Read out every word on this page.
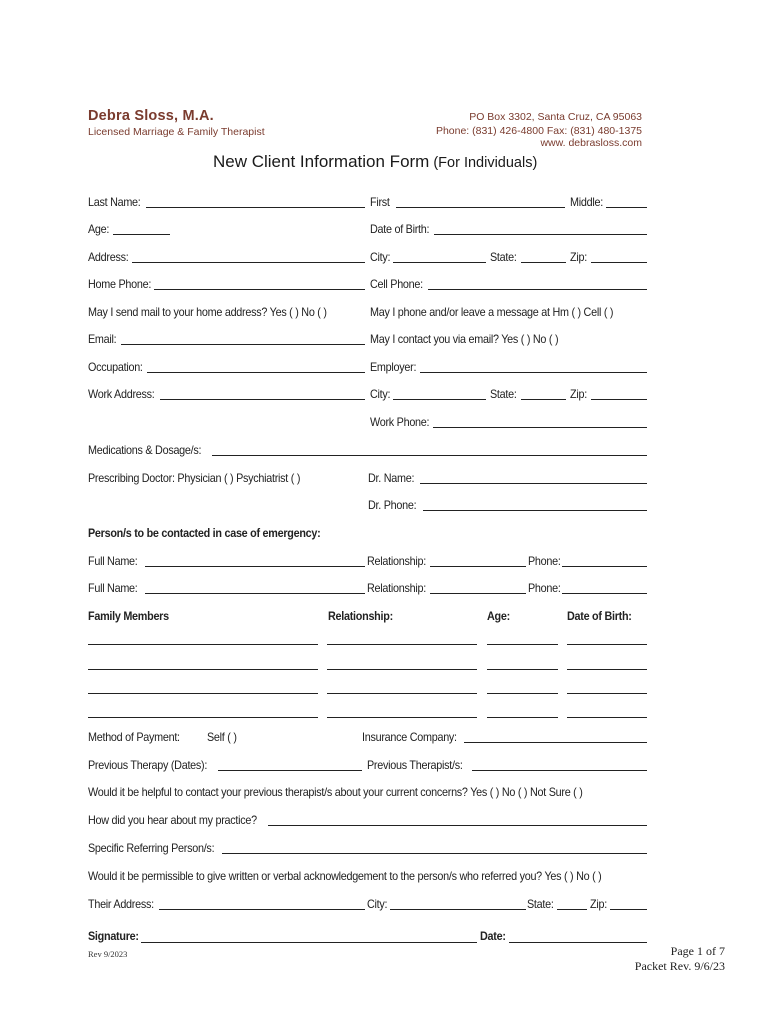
Debra Sloss, M.A.
Licensed Marriage & Family Therapist
PO Box 3302, Santa Cruz, CA 95063
Phone: (831) 426-4800 Fax: (831) 480-1375
www. debrasloss.com
New Client Information Form (For Individuals)
Last Name:	First	Middle:
Age:	Date of Birth:
Address:	City:	State:	Zip:
Home Phone:	Cell Phone:
May I send mail to your home address? Yes ( ) No ( )	May I phone and/or leave a message at Hm ( ) Cell ( )
Email:	May I contact you via email? Yes ( ) No ( )
Occupation:	Employer:
Work Address:	City:	State:	Zip:
Work Phone:
Medications & Dosage/s:
Prescribing Doctor: Physician ( ) Psychiatrist ( )	Dr. Name:
Dr. Phone:
Person/s to be contacted in case of emergency:
Full Name:	Relationship:	Phone:
Full Name:	Relationship:	Phone:
Family Members	Relationship:	Age:	Date of Birth:
Method of Payment: Self ( )	Insurance Company:
Previous Therapy (Dates):	Previous Therapist/s:
Would it be helpful to contact your previous therapist/s about your current concerns? Yes ( ) No ( ) Not Sure ( )
How did you hear about my practice?
Specific Referring Person/s:
Would it be permissible to give written or verbal acknowledgement to the person/s who referred you? Yes ( ) No ( )
Their Address:	City:	State:	Zip:
Signature:	Date:
Rev 9/2023	Page 1 of 7
Packet Rev. 9/6/23
